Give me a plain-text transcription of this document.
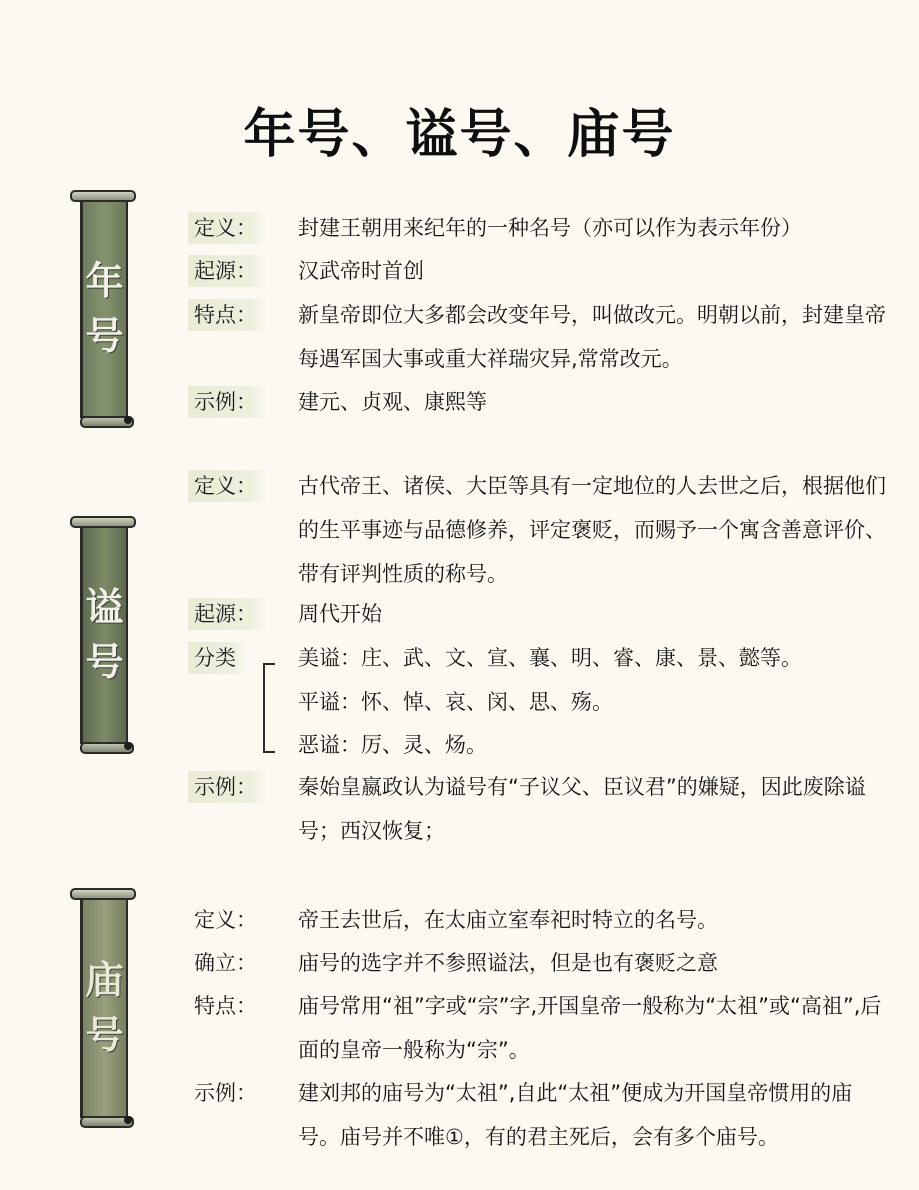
年号、谥号、庙号
年
号
定义：	封建王朝用来纪年的一种名号（亦可以作为表示年份）
起源：	汉武帝时首创
特点：	新皇帝即位大多都会改变年号，叫做改元。明朝以前，封建皇帝每遇军国大事或重大祥瑞灾异,常常改元。
示例：	建元、贞观、康熙等
谥
号
定义：	古代帝王、诸侯、大臣等具有一定地位的人去世之后，根据他们的生平事迹与品德修养，评定褒贬，而赐予一个寓含善意评价、带有评判性质的称号。
起源：	周代开始
分类	美谥：庄、武、文、宣、襄、明、睿、康、景、懿等。
平谥：怀、悼、哀、闵、思、殇。
恶谥：厉、灵、炀。
示例：	秦始皇嬴政认为谥号有“子议父、臣议君”的嫌疑，因此废除谥号；西汉恢复；
庙
号
定义：	帝王去世后，在太庙立室奉祀时特立的名号。
确立：	庙号的选字并不参照谥法，但是也有褒贬之意
特点：	庙号常用“祖”字或“宗”字,开国皇帝一般称为“太祖”或“高祖”,后面的皇帝一般称为“宗”。
示例：	建刘邦的庙号为“太祖”,自此“太祖”便成为开国皇帝惯用的庙号。庙号并不唯①，有的君主死后，会有多个庙号。
